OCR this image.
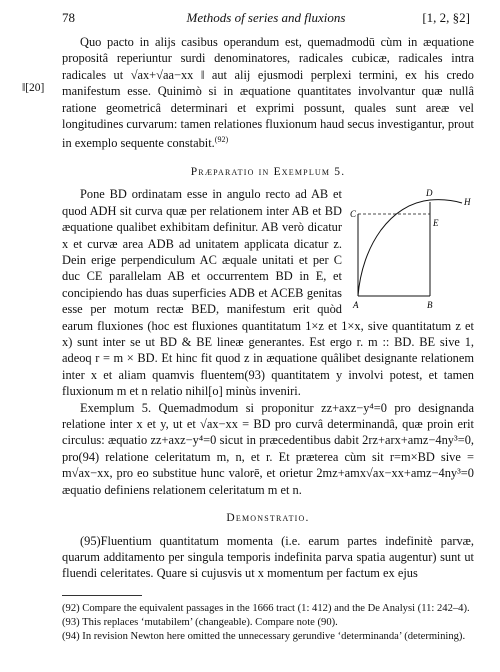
78	Methods of series and fluxions	[1, 2, §2]
‖[20]

Quo pacto in alijs casibus operandum est, quemadmodū cùm in æquatione propositâ reperiuntur surdi denominatores, radicales cubicæ, radicales intra radicales ut √ax+√aa−xx ‖ aut alij ejusmodi perplexi termini, ex his credo manifestum esse. Quinimò si in æquatione quantitates involvantur quæ nullâ ratione geometricâ determinari et exprimi possunt, quales sunt areæ vel longitudines curvarum: tamen relationes fluxionum haud secus investigantur, prout in exemplo sequente constabit.$^{(92)}$

Præparatio in Exemplum 5.
C
D
H
E
A	B

Pone BD ordinatam esse in angulo recto ad AB et quod ADH sit curva quæ per relationem inter AB et BD æquatione qualibet exhibitam definitur. AB verò dicatur x et curvæ area ADB ad unitatem applicata dicatur z. Dein erige perpendiculum AC æquale unitati et per C duc CE parallelam AB et occurrentem BD in E, et concipiendo has duas superficies ADB et ACEB genitas esse per motum rectæ BED, manifestum erit quòd earum fluxiones (hoc est fluxiones quantitatum 1×z et 1×x, sive quantitatum z et x) sunt inter se ut BD & BE lineæ generantes. Est ergo r. m :: BD. BE sive 1, adeoq r = m × BD. Et hinc fit quod z in æquatione quâlibet designante relationem inter x et aliam quamvis fluentem(93) quantitatem y involvi potest, et tamen fluxionum m et n relatio nihil[o] minùs inveniri.

Exemplum 5. Quemadmodum si proponitur zz+axz−y⁴=0 pro designanda relatione inter x et y, ut et √ax−xx = BD pro curvâ determinandâ, quæ proin erit circulus: æquatio zz+axz−y⁴=0 sicut in præcedentibus dabit 2rz+arx+amz−4ny³=0, pro(94) relatione celeritatum m, n, et r. Et præterea cùm sit r=m×BD sive = m√ax−xx, pro eo substitue hunc valorē, et orietur 2mz+amx√ax−xx+amz−4ny³=0 æquatio definiens relationem celeritatum m et n.

Demonstratio.

(95)Fluentium quantitatum momenta (i.e. earum partes indefinitè parvæ, quarum additamento per singula temporis indefinita parva spatia augentur) sunt ut fluendi celeritates. Quare si cujusvis ut x momentum per factum ex ejus

(92) Compare the equivalent passages in the 1666 tract (1: 412) and the De Analysi (11: 242–4).

(93) This replaces ‘mutabilem’ (changeable). Compare note (90).

(94) In revision Newton here omitted the unnecessary gerundive ‘determinanda’ (determining).
